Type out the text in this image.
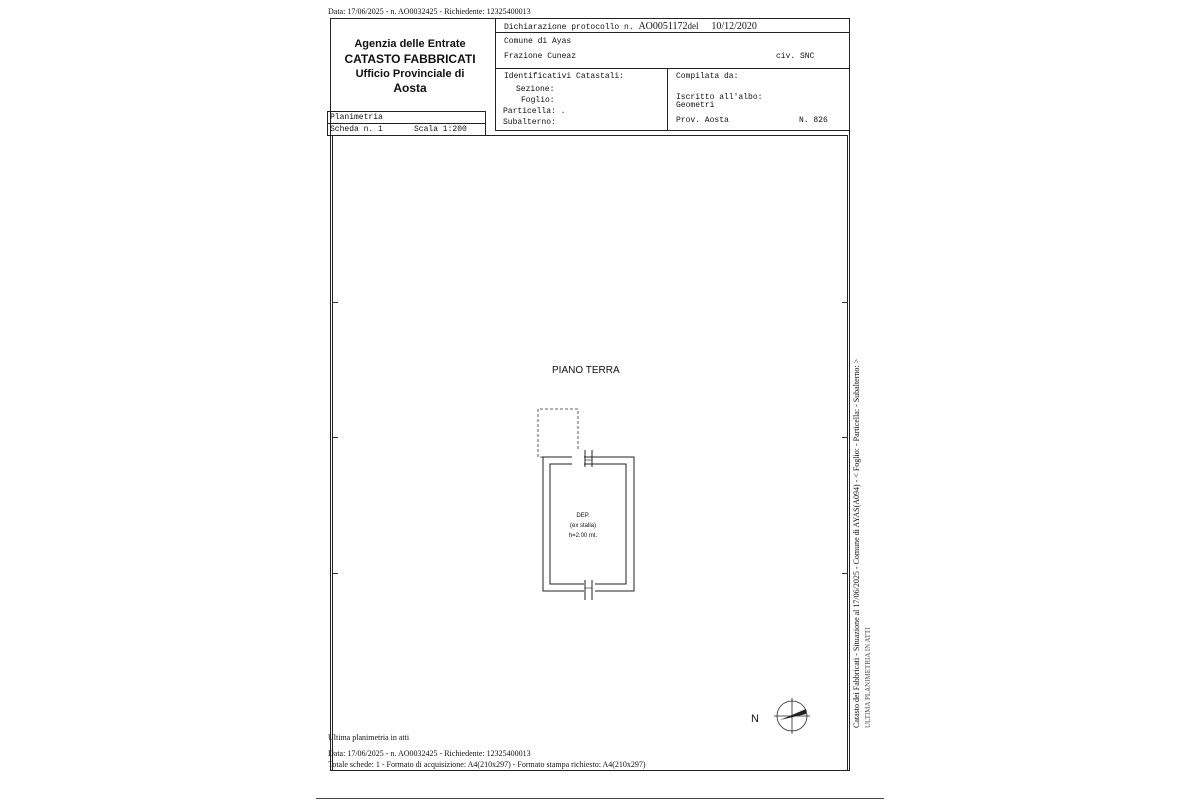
Data: 17/06/2025 - n. AO0032425 - Richiedente: 12325400013
Agenzia delle Entrate
CATASTO FABBRICATI
Ufficio Provinciale di
Aosta
Dichiarazione protocollo n. AO0051172del 10/12/2020
Comune di Ayas
Frazione Cuneaz	civ. SNC
Identificativi Catastali:
Sezione:
Foglio:
Particella: .
Subalterno:
Compilata da:
Iscritto all'albo:
Geometri
Prov. Aosta	N. 826
Planimetria
Scheda n. 1	Scala 1:200
PIANO TERRA
DEP.
(ex stalla)
h=2.00 mt.
N
Ultima planimetria in atti
Data: 17/06/2025 - n. AO0032425 - Richiedente: 12325400013
Totale schede: 1 - Formato di acquisizione: A4(210x297) - Formato stampa richiesto: A4(210x297)
Catasto dei Fabbricati - Situazione al 17/06/2025 - Comune di AYAS(A094) - < Foglio: - Particella: - Subalterno: > ULTIMA PLANIMETRIA IN ATTI
